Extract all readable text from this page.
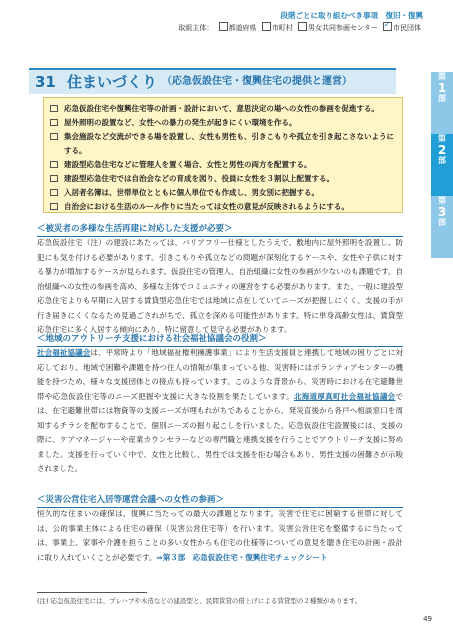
段階ごとに取り組むべき事項　復旧・復興
取組主体： 都道府県 市町村 男女共同参画センター ✓ 市民団体
31 住まいづくり （応急仮設住宅・復興住宅の提供と運営）
応急仮設住宅や復興住宅等の計画・設計において、意思決定の場への女性の参画を促進する。
屋外照明の設置など、女性への暴力の発生が起きにくい環境を作る。
集会施設など交流ができる場を設置し、女性も男性も、引きこもりや孤立を引き起こさないようにする。
建設型応急住宅などに管理人を置く場合、女性と男性の両方を配置する。
建設型応急住宅では自治会などの育成を図り、役員に女性を３割以上配置する。
入居者名簿は、世帯単位とともに個人単位でも作成し、男女別に把握する。
自治会における生活のルール作りに当たっては女性の意見が反映されるようにする。
＜被災者の多様な生活再建に対応した支援が必要＞
応急仮設住宅（注）の建設にあたっては、バリアフリー仕様としたうえで、敷地内に屋外照明を設置し、防犯にも気を付ける必要があります。引きこもりや孤立などの問題が深刻化するケースや、女性や子供に対する暴力が増加するケースが見られます。仮設住宅の管理人、自治組織に女性の参画が少ないのも課題です。自治組織への女性の参画を高め、多様な主体でコミュニティの運営をする必要があります。また、一般に建設型応急住宅よりも早期に入居する賃貸型応急住宅では地域に点在していてニーズが把握しにくく、支援の手が行き届きにくくなるため見過ごされがちで、孤立を深める可能性があります。特に単身高齢女性は、賃貸型応急住宅に多く入居する傾向にあり、特に留意して見守る必要があります。
＜地域のアウトリーチ支援における社会福祉協議会の役割＞
社会福祉協議会は、平常時より「地域福祉権利擁護事業」により生活支援員と連携して地域の困りごとに対応しており、地域で困難や課題を持つ住人の情報が集まっている他、災害時にはボランティアセンターの機能を持つため、様々な支援団体との接点も持っています。このような背景から、災害時における在宅避難世帯や応急仮設住宅等のニーズ把握や支援に大きな役割を果たしています。北海道厚真町社会福祉協議会では、在宅避難世帯には物資等の支援ニーズが埋もれがちであることから、発災直後から各戸へ相談窓口を周知するチラシを配布することで、個別ニーズの掘り起こしを行いました。応急仮設住宅設置後には、支援の際に、ケアマネージャーや産業カウンセラーなどの専門職と連携支援を行うことでアウトリーチ支援に努めました。支援を行っていく中で、女性と比較し、男性では支援を拒む場合もあり、男性支援の困難さが示唆されました。
＜災害公営住宅入居等運営会議への女性の参画＞
恒久的な住まいの確保は、復興に当たっての最大の課題となります。災害で住宅に困窮する世帯に対しては、公的事業主体による住宅の確保（災害公営住宅等）を行います。災害公営住宅を整備するに当たっては、事業上、家事や介護を担うことの多い女性からも住宅の仕様等についての意見を聴き住宅の計画・設計に取り入れていくことが必要です。⇒第３部　応急仮設住宅・復興住宅チェックシート
(注) 応急仮設住宅には、プレハブや木造などの建設型と、民間賃貸の借上げによる賃貸型の２種類があります。
49
第
1
部
第
2
部
第
3
部
